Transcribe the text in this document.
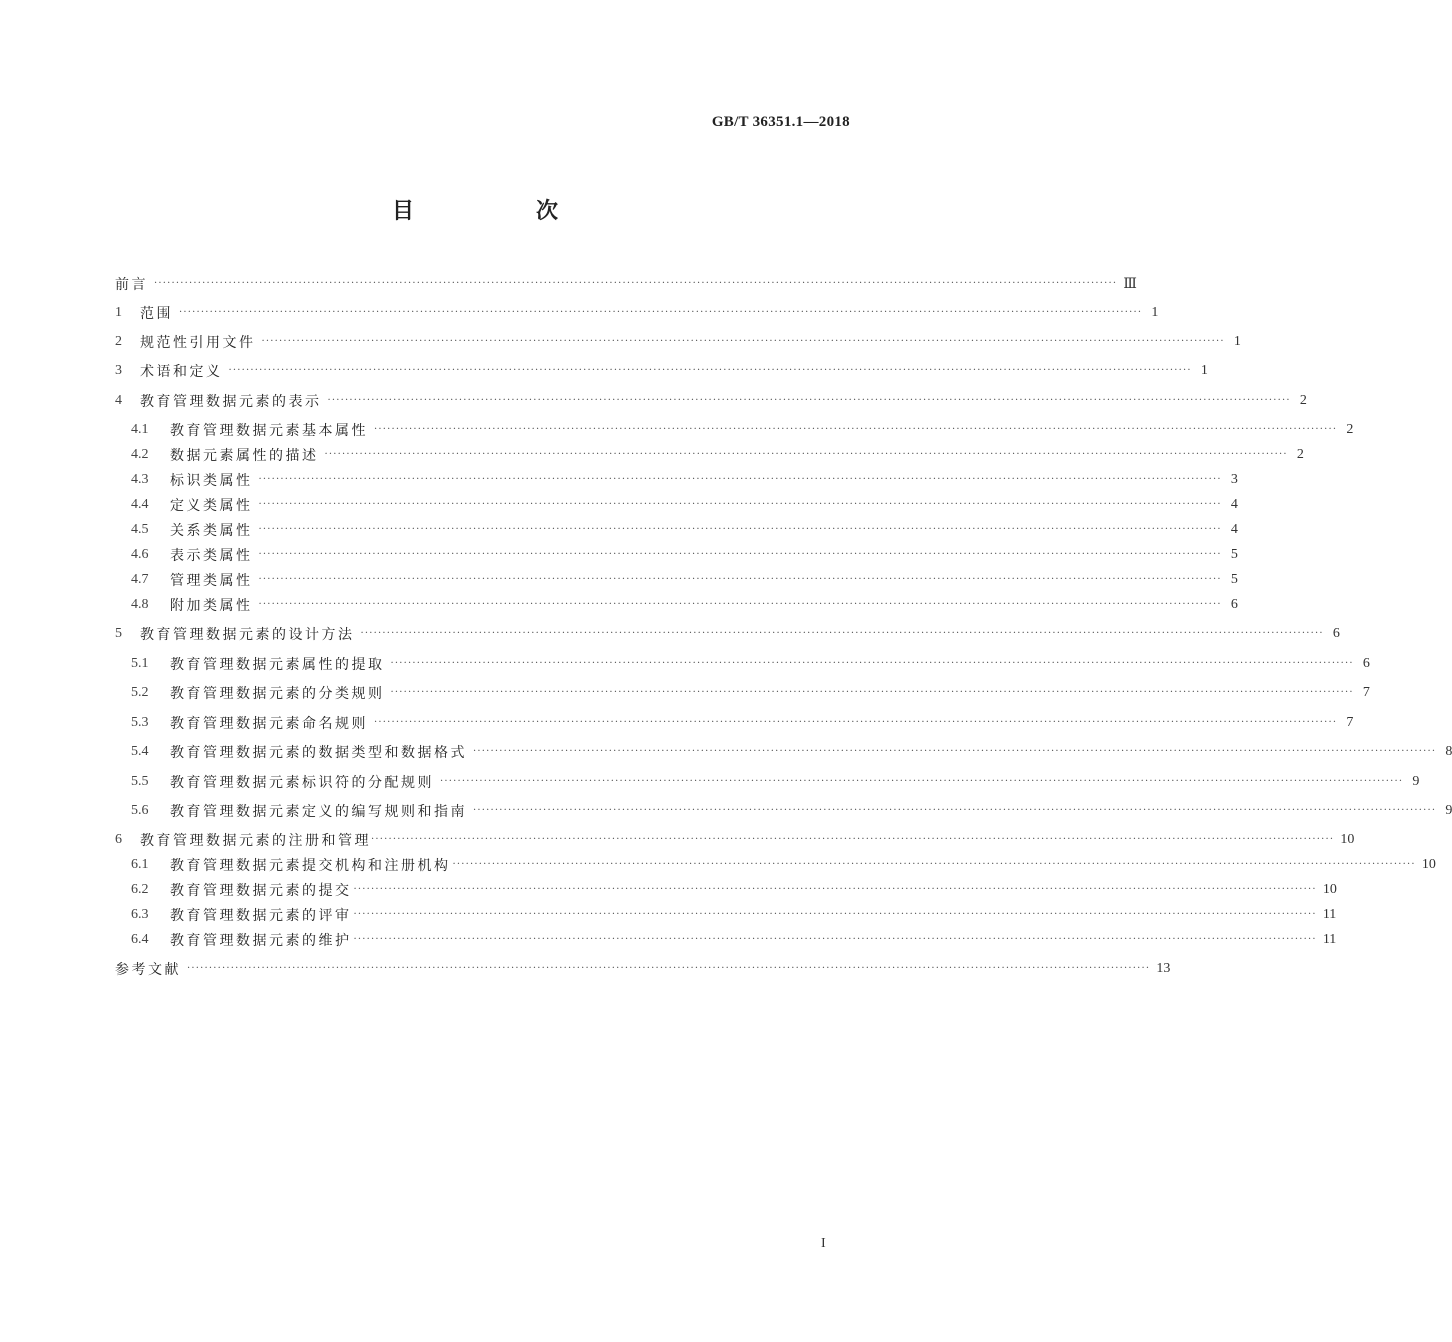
GB/T 36351.1—2018
目　次
前言 ···························································································································································································································· Ⅲ
1	范围 ···························································································································································································································· 1
2	规范性引用文件 ···························································································································································································································· 1
3	术语和定义 ···························································································································································································································· 1
4	教育管理数据元素的表示 ···························································································································································································································· 2
4.1	教育管理数据元素基本属性 ···························································································································································································································· 2
4.2	数据元素属性的描述 ···························································································································································································································· 2
4.3	标识类属性 ···························································································································································································································· 3
4.4	定义类属性 ···························································································································································································································· 4
4.5	关系类属性 ···························································································································································································································· 4
4.6	表示类属性 ···························································································································································································································· 5
4.7	管理类属性 ···························································································································································································································· 5
4.8	附加类属性 ···························································································································································································································· 6
5	教育管理数据元素的设计方法 ···························································································································································································································· 6
5.1	教育管理数据元素属性的提取 ···························································································································································································································· 6
5.2	教育管理数据元素的分类规则 ···························································································································································································································· 7
5.3	教育管理数据元素命名规则 ···························································································································································································································· 7
5.4	教育管理数据元素的数据类型和数据格式 ···························································································································································································································· 8
5.5	教育管理数据元素标识符的分配规则 ···························································································································································································································· 9
5.6	教育管理数据元素定义的编写规则和指南 ···························································································································································································································· 9
6	教育管理数据元素的注册和管理 ···························································································································································································································· 10
6.1	教育管理数据元素提交机构和注册机构 ···························································································································································································································· 10
6.2	教育管理数据元素的提交 ···························································································································································································································· 10
6.3	教育管理数据元素的评审 ···························································································································································································································· 11
6.4	教育管理数据元素的维护 ···························································································································································································································· 11
参考文献 ···························································································································································································································· 13
I
